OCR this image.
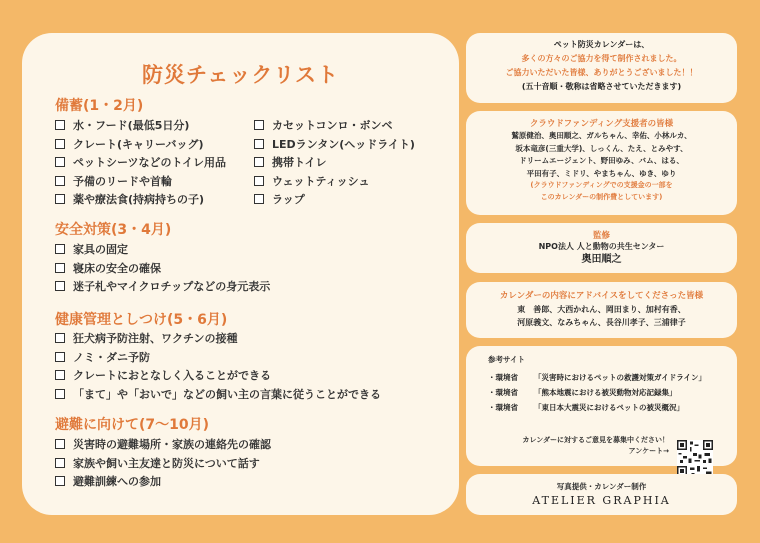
防災チェックリスト
備蓄(1・2月)
水・フード(最低5日分)
クレート(キャリーバッグ)
ペットシーツなどのトイレ用品
予備のリードや首輪
薬や療法食(持病持ちの子)
カセットコンロ・ボンベ
LEDランタン(ヘッドライト)
携帯トイレ
ウェットティッシュ
ラップ
安全対策(3・4月)
家具の固定
寝床の安全の確保
迷子札やマイクロチップなどの身元表示
健康管理としつけ(5・6月)
狂犬病予防注射、ワクチンの接種
ノミ・ダニ予防
クレートにおとなしく入ることができる
「まて」や「おいで」などの飼い主の言葉に従うことができる
避難に向けて(7〜10月)
災害時の避難場所・家族の連絡先の確認
家族や飼い主友達と防災について話す
避難訓練への参加
ペット防災カレンダーは、
多くの方々のご協力を得て制作されました。
ご協力いただいた皆様、ありがとうございました！！
(五十音順・敬称は省略させていただきます)
クラウドファンディング支援者の皆様
鷲原健治、奥田順之、ガルちゃん、幸佑、小林ルカ、
坂本竜彦(三重大学)、しっくん、たえ、とみやす、
ドリームエージェント、野田ゆみ、バム、はる、
平田有子、ミドリ、やまちゃん、ゆき、ゆり
(クラウドファンディングでの支援金の一部を
このカレンダーの制作費としています)
監修
NPO法人 人と動物の共生センター
奥田順之
カレンダーの内容にアドバイスをしてくださった皆様
東　善郎、大西かれん、岡田まり、加村有香、
河原義文、なみちゃん、長谷川孝子、三浦律子
参考サイト
・環境省 「災害時におけるペットの救護対策ガイドライン」
・環境省 「熊本地震における被災動物対応記録集」
・環境省 「東日本大震災におけるペットの被災概況」
カレンダーに対するご意見を募集中ください！
アンケート→
写真提供・カレンダー制作
ATELIER GRAPHIA
